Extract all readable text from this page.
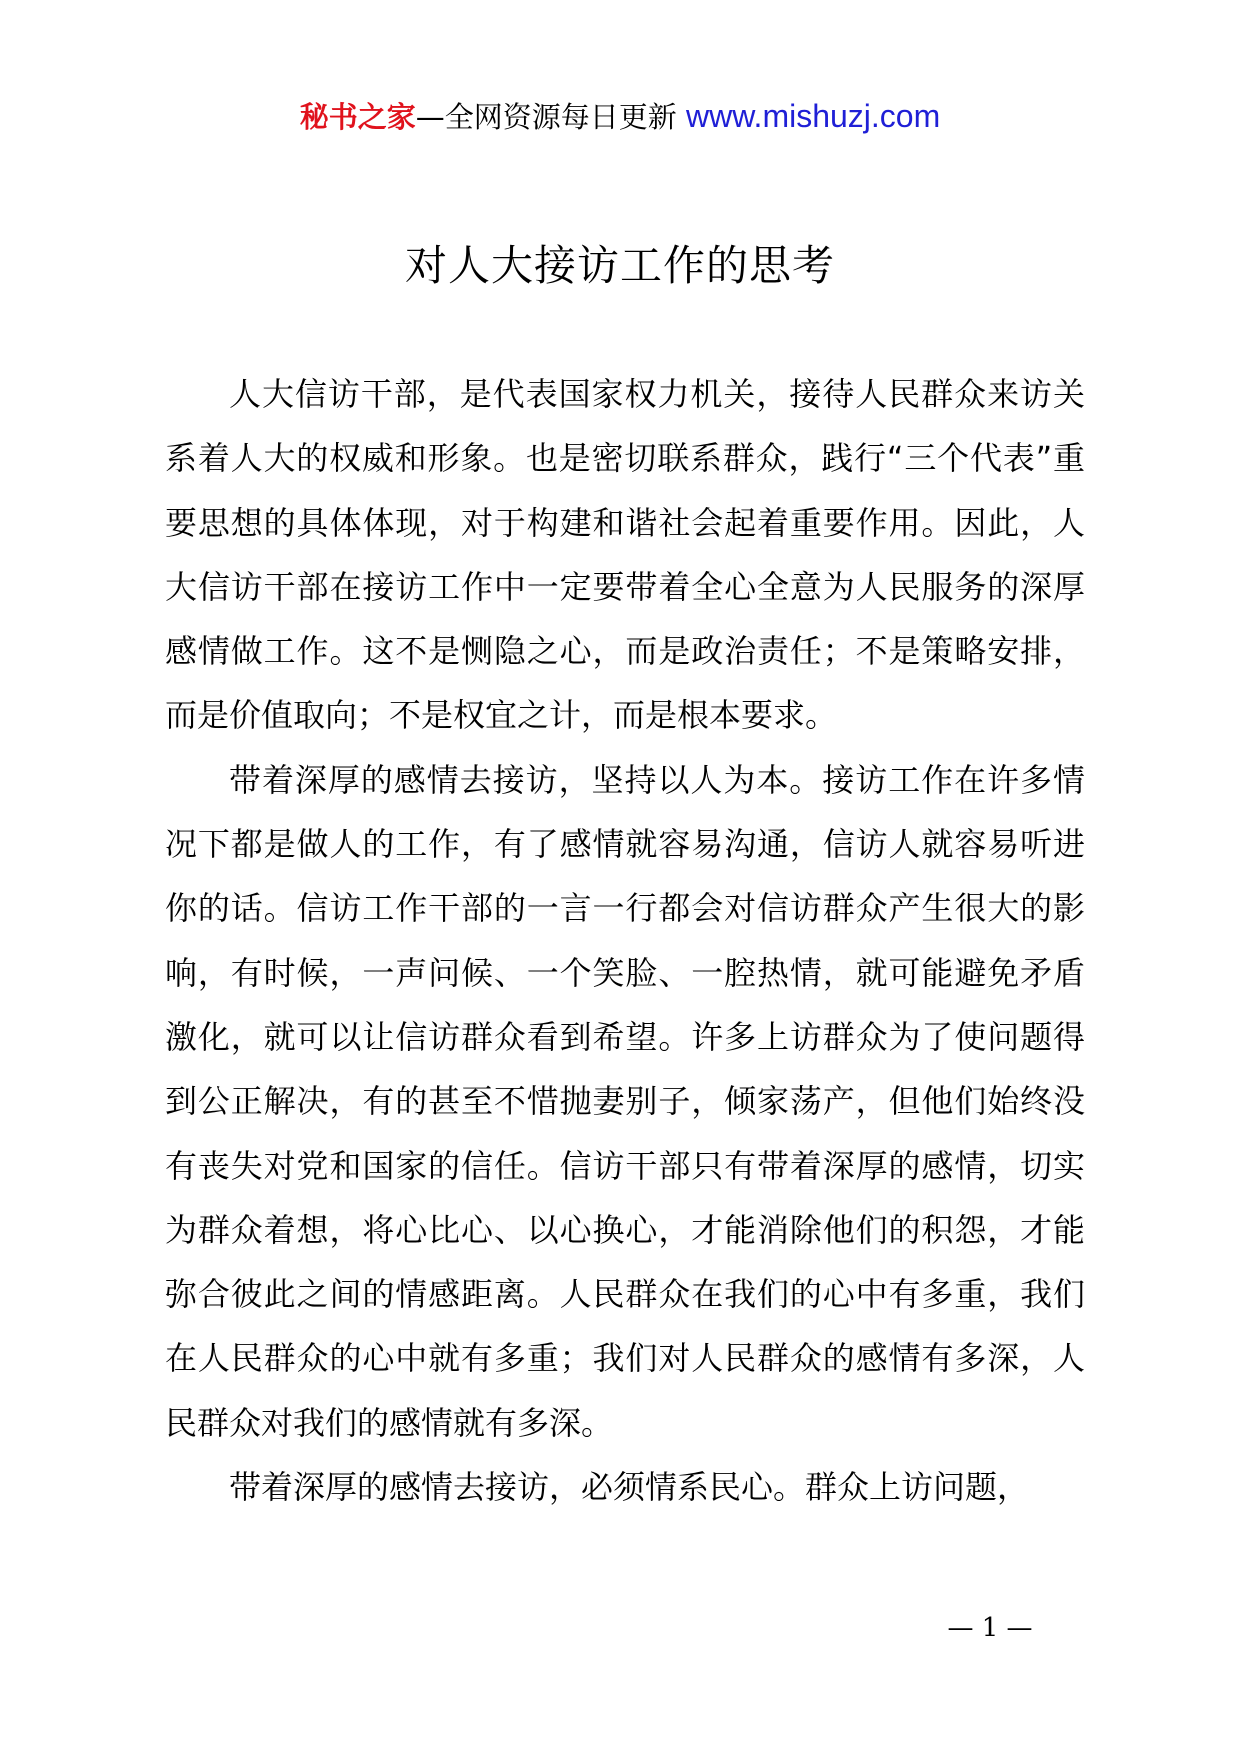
秘书之家—全网资源每日更新 www.mishuzj.com
对人大接访工作的思考

人大信访干部，是代表国家权力机关，接待人民群众来访关系着人大的权威和形象。也是密切联系群众，践行“三个代表”重要思想的具体体现，对于构建和谐社会起着重要作用。因此，人大信访干部在接访工作中一定要带着全心全意为人民服务的深厚感情做工作。这不是恻隐之心，而是政治责任；不是策略安排，而是价值取向；不是权宜之计，而是根本要求。

带着深厚的感情去接访，坚持以人为本。接访工作在许多情况下都是做人的工作，有了感情就容易沟通，信访人就容易听进你的话。信访工作干部的一言一行都会对信访群众产生很大的影响，有时候，一声问候、一个笑脸、一腔热情，就可能避免矛盾激化，就可以让信访群众看到希望。许多上访群众为了使问题得到公正解决，有的甚至不惜抛妻别子，倾家荡产，但他们始终没有丧失对党和国家的信任。信访干部只有带着深厚的感情，切实为群众着想，将心比心、以心换心，才能消除他们的积怨，才能弥合彼此之间的情感距离。人民群众在我们的心中有多重，我们在人民群众的心中就有多重；我们对人民群众的感情有多深，人民群众对我们的感情就有多深。

带着深厚的感情去接访，必须情系民心。群众上访问题，

— 1 —
